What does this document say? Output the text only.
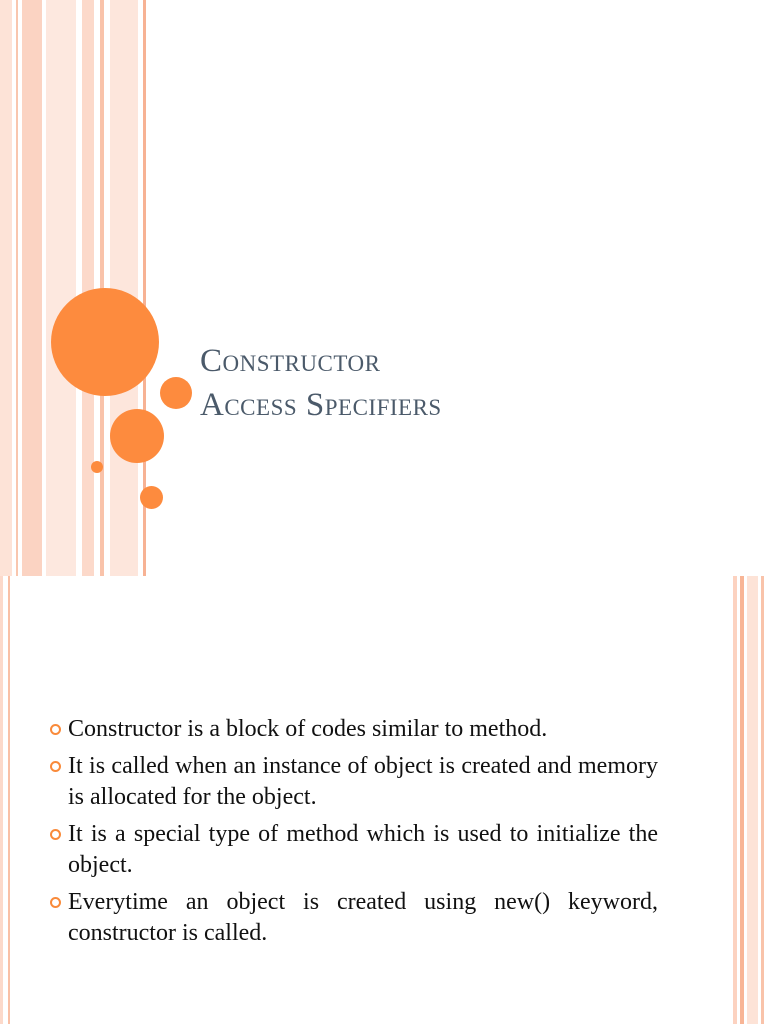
Constructor
Access Specifiers
Constructor is a block of codes similar to method.
It is called when an instance of object is created and memory is allocated for the object.
It is a special type of method which is used to initialize the object.
Everytime an object is created using new() keyword, constructor is called.
